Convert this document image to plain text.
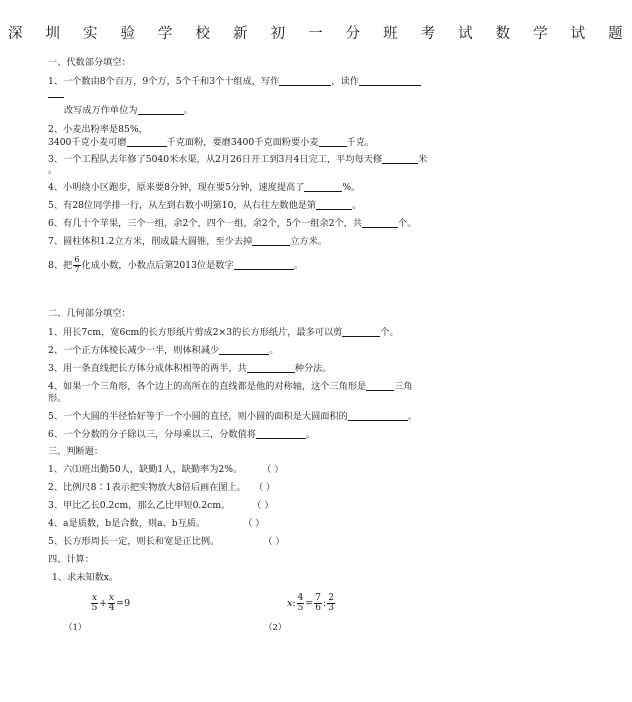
深 圳 实 验 学 校 新 初 一 分 班 考 试 数 学 试 题
一、代数部分填空：
1、一个数由8个百万，9个万，5个千和3个十组成，写作	，读作
改写成万作单位为	。
2、小麦出粉率是85%，
3400千克小麦可磨	千克面粉，要磨3400千克面粉要小麦	千克。
3、一个工程队去年修了5040米水渠，从2月26日开工到3月4日完工，平均每天修	米
。
4、小明绕小区跑步，原来要8分钟，现在要5分钟，速度提高了	%。
5、有28位同学排一行，从左到右数小明第10，从右往左数他是第	。
6、有几十个苹果，三个一组，余2个，四个一组，余2个，5个一组余2个，共	个。
7、圆柱体积1.2立方米，削成最大圆锥，至少去掉	立方米。
8、把 $\frac{6}{7}$ 化成小数，小数点后第2013位是数字	。
二、几何部分填空：
1、用长7cm，宽6cm的长方形纸片剪成2×3的长方形纸片，最多可以剪	个。
2、一个正方体棱长减少一半，则体积减少	。
3、用一条直线把长方体分成体积相等的两半，共	种分法。
4、如果一个三角形，各个边上的高所在的直线都是他的对称轴，这个三角形是	三角
形。
5、一个大圆的半径恰好等于一个小圆的直径，则小圆的面积是大圆面积的	。
6、一个分数的分子除以三，分母乘以三，分数值将	。
三、判断题：
1、六⑴班出勤50人，缺勤1人，缺勤率为2%。 （ ）
2、比例尺8∶1表示把实物放大8倍后画在图上。 （ ）
3、甲比乙长0.2cm，那么乙比甲短0.2cm。 （ ）
4、a是质数，b是合数，则a、b互质。	（ ）
5、长方形周长一定，则长和宽是正比例。	（ ）
四、计算：
1、求未知数x。
$\frac{x}{5} + \frac{x}{4} =9$
（1）
x: $\frac{4}{5} = \frac{7}{6}$ : $\frac{2}{3}$
（2）
